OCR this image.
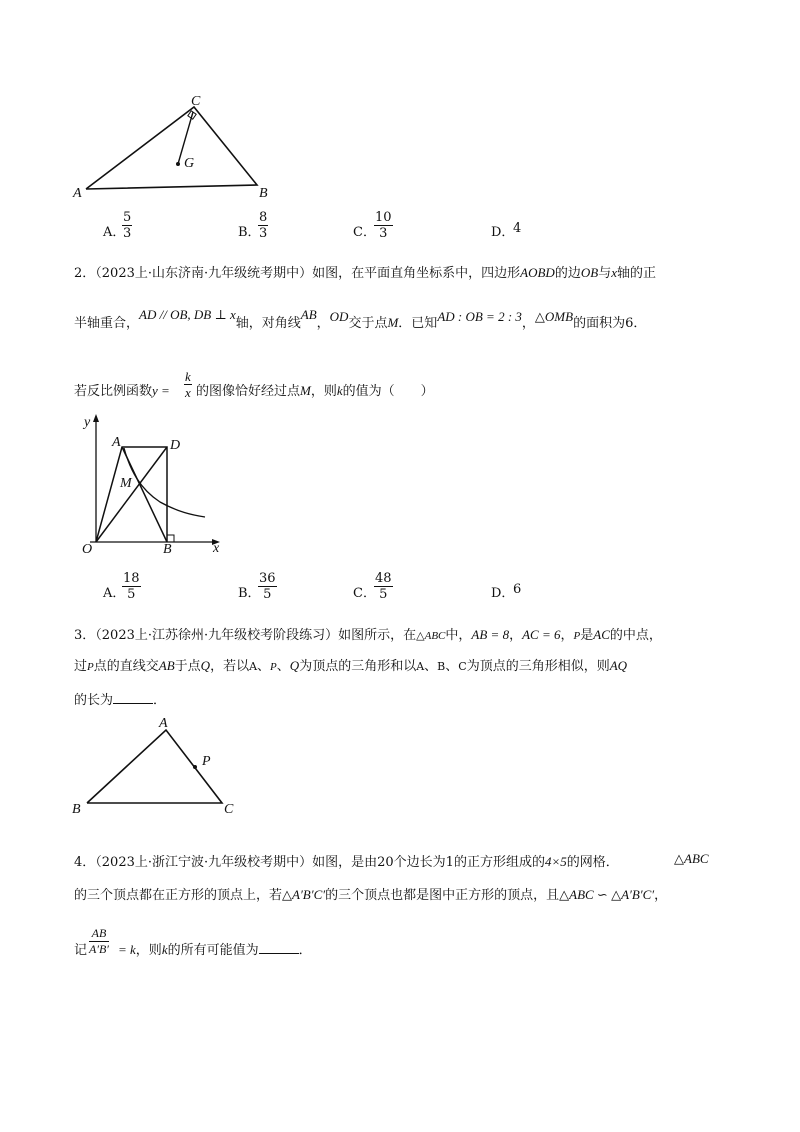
C
G
A	B
A．
$\frac{5}{3}$	B．
$\frac{8}{3}$	C．
$\frac{10}{3}$	D．
4
2．（2023上·山东济南·九年级统考期中）如图，在平面直角坐标系中，四边形AOBD的边OB与x轴的正
半轴重合，AD // OB, DB ⊥ x轴，对角线AB，OD交于点M．已知AD : OB = 2 : 3，△OMB的面积为6．
若反比例函数$y = \frac{k}{x}$ 的图像恰好经过点M，则k的值为（　　）
y
A	D
M
O	B	x
A．
$\frac{18}{5}$	B．
$\frac{36}{5}$	C．
$\frac{48}{5}$	D．
6
3．（2023上·江苏徐州·九年级校考阶段练习）如图所示，在△ABC中，AB = 8，AC = 6，P是AC的中点，
过P点的直线交AB于点Q，若以A、P、Q为顶点的三角形和以A、B、C为顶点的三角形相似，则AQ
的长为	．
A
P
B	C
4．（2023上·浙江宁波·九年级校考期中）如图，是由20个边长为1的正方形组成的4×5的网格．	△ABC
的三个顶点都在正方形的顶点上，若△A′B′C′的三个顶点也都是图中正方形的顶点，且△ABC ∽ △A′B′C′，
记 $\frac{AB}{A'B'} = k$，则k的所有可能值为	．
